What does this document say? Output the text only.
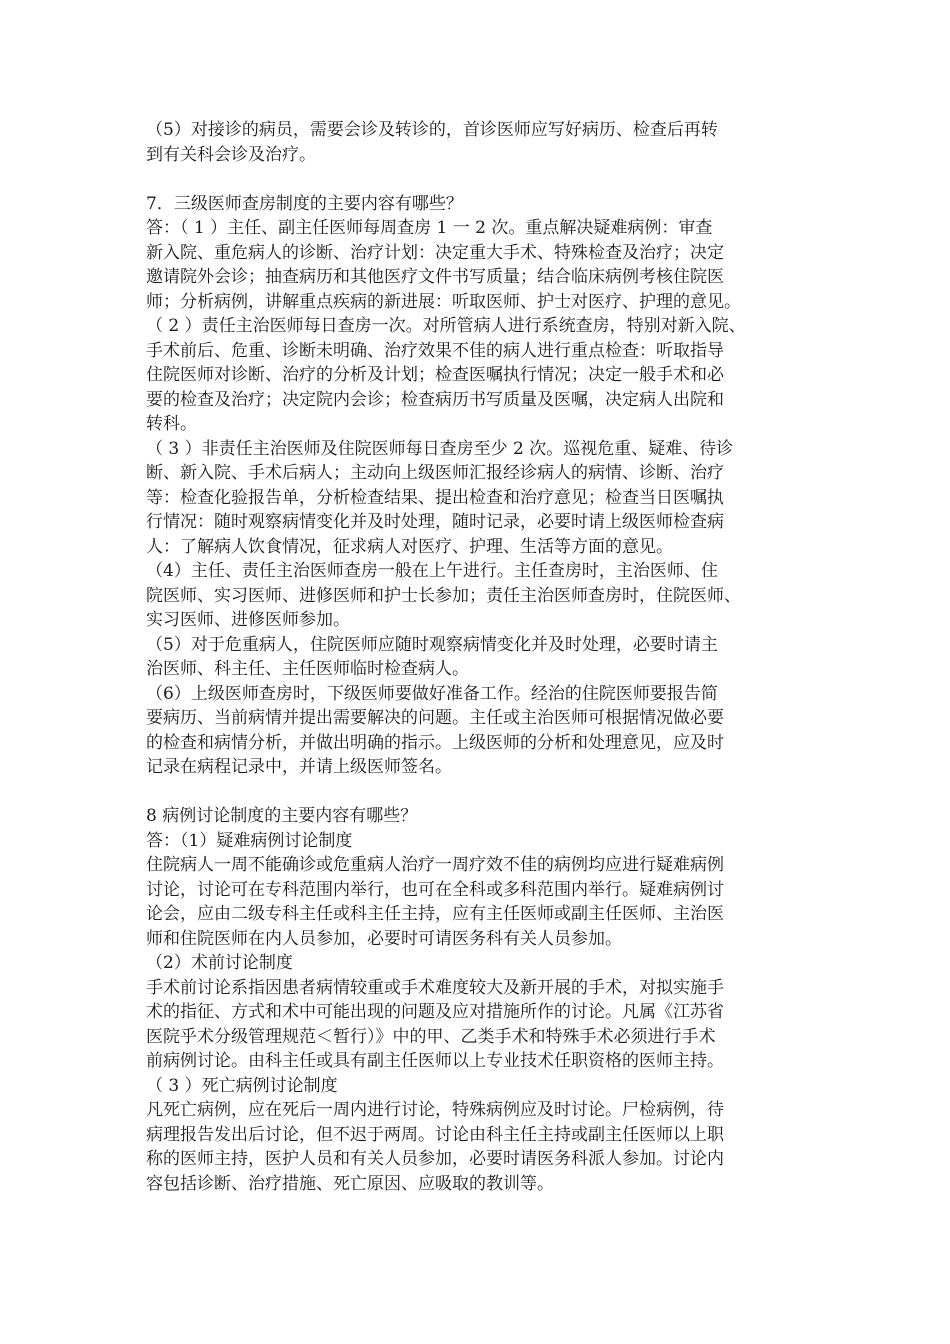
（5）对接诊的病员，需要会诊及转诊的，首诊医师应写好病历、检查后再转
到有关科会诊及治疗。
7．三级医师查房制度的主要内容有哪些？
答：（ 1 ）主任、副主任医师每周查房 1 一 2 次。重点解决疑难病例：审查
新入院、重危病人的诊断、治疗计划：决定重大手术、特殊检查及治疗；决定
邀请院外会诊；抽查病历和其他医疗文件书写质量；结合临床病例考核住院医
师；分析病例，讲解重点疾病的新进展：听取医师、护士对医疗、护理的意见。
（ 2 ）责任主治医师每日查房一次。对所管病人进行系统查房，特别对新入院、
手术前后、危重、诊断未明确、治疗效果不佳的病人进行重点检查：听取指导
住院医师对诊断、治疗的分析及计划；检查医嘱执行情况；决定一般手术和必
要的检查及治疗；决定院内会诊；检查病历书写质量及医嘱，决定病人出院和
转科。
（ 3 ）非责任主治医师及住院医师每日查房至少 2 次。巡视危重、疑难、待诊
断、新入院、手术后病人；主动向上级医师汇报经诊病人的病情、诊断、治疗
等：检查化验报告单，分析检查结果、提出检查和治疗意见；检查当日医嘱执
行情况：随时观察病情变化并及时处理，随时记录，必要时请上级医师检查病
人：了解病人饮食情况，征求病人对医疗、护理、生活等方面的意见。
（4）主任、责任主治医师查房一般在上午进行。主任查房时，主治医师、住
院医师、实习医师、进修医师和护士长参加；责任主治医师查房时，住院医师、
实习医师、进修医师参加。
（5）对于危重病人，住院医师应随时观察病情变化并及时处理，必要时请主
治医师、科主任、主任医师临时检查病人。
（6）上级医师查房时，下级医师要做好准备工作。经治的住院医师要报告简
要病历、当前病情并提出需要解决的问题。主任或主治医师可根据情况做必要
的检查和病情分析，并做出明确的指示。上级医师的分析和处理意见，应及时
记录在病程记录中，并请上级医师签名。
8 病例讨论制度的主要内容有哪些？
答：（1）疑难病例讨论制度
住院病人一周不能确诊或危重病人治疗一周疗效不佳的病例均应进行疑难病例
讨论，讨论可在专科范围内举行，也可在全科或多科范围内举行。疑难病例讨
论会，应由二级专科主任或科主任主持，应有主任医师或副主任医师、主治医
师和住院医师在内人员参加，必要时可请医务科有关人员参加。
（2）术前讨论制度
手术前讨论系指因患者病情较重或手术难度较大及新开展的手术，对拟实施手
术的指征、方式和术中可能出现的问题及应对措施所作的讨论。凡属《江苏省
医院乎术分级管理规范＜暂行）》中的甲、乙类手术和特殊手术必须进行手术
前病例讨论。由科主任或具有副主任医师以上专业技术任职资格的医师主持。
（ 3 ）死亡病例讨论制度
凡死亡病例，应在死后一周内进行讨论，特殊病例应及时讨论。尸检病例，待
病理报告发出后讨论，但不迟于两周。讨论由科主任主持或副主任医师以上职
称的医师主持，医护人员和有关人员参加，必要时请医务科派人参加。讨论内
容包括诊断、治疗措施、死亡原因、应吸取的教训等。
